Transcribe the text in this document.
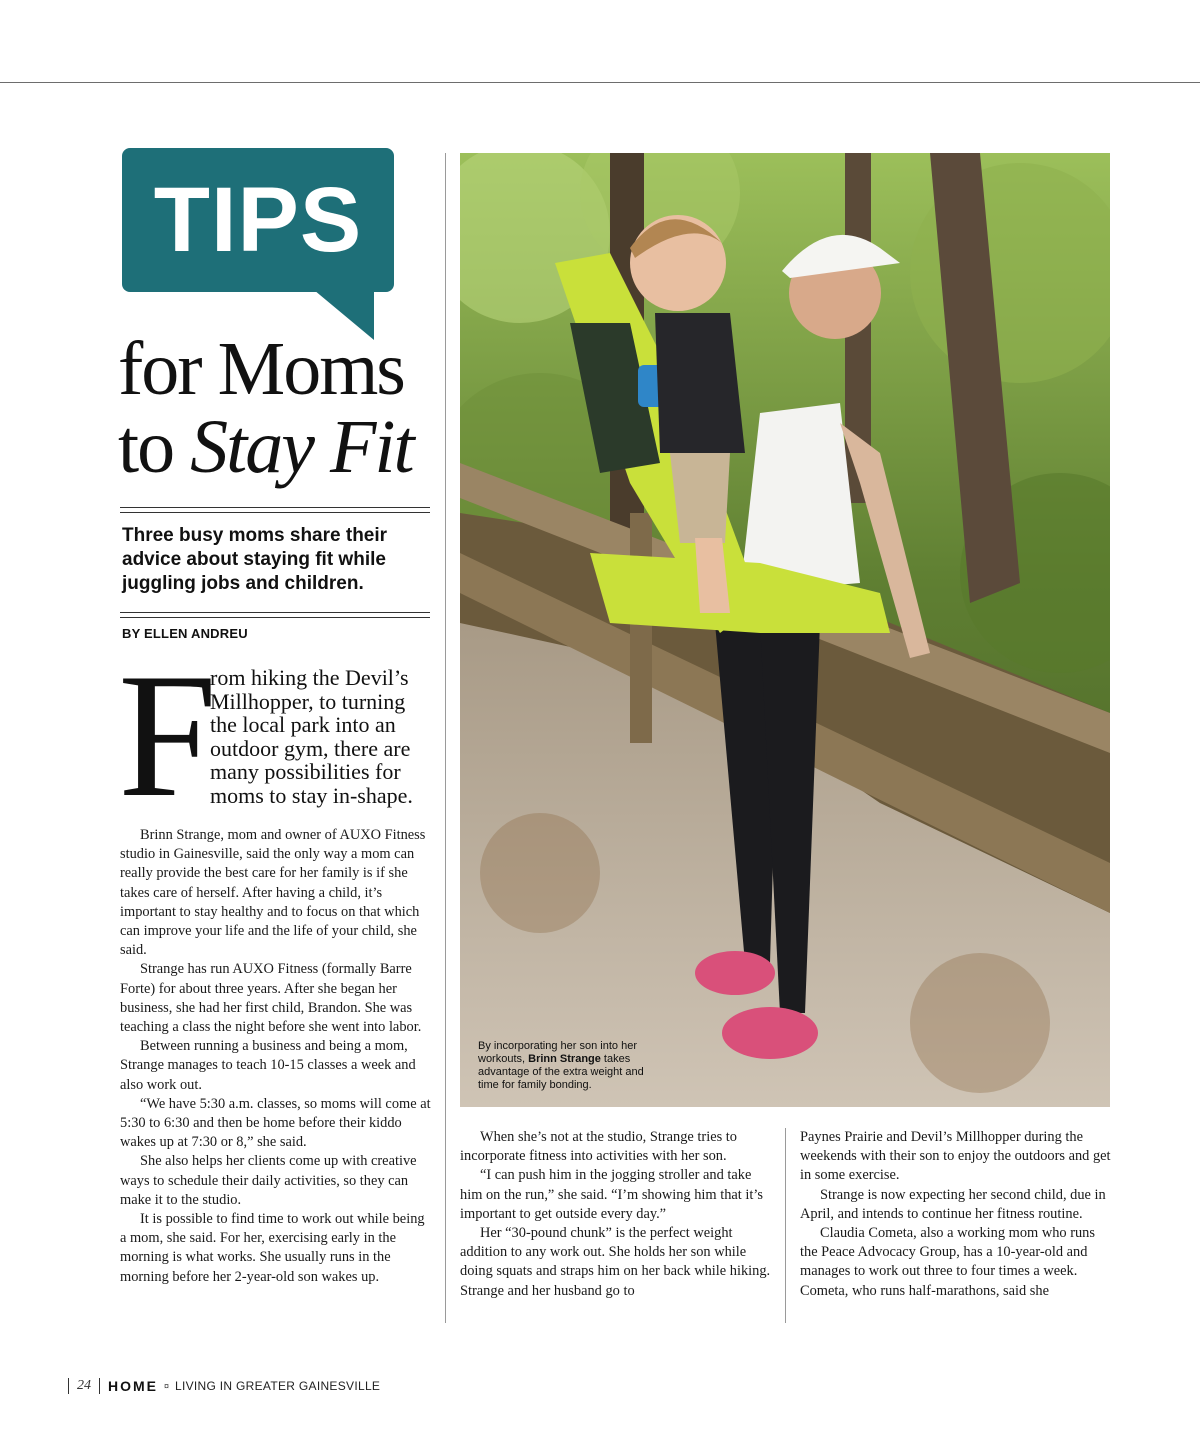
TIPS
for Moms
to Stay Fit
Three busy moms share their advice about staying fit while juggling jobs and children.
BY ELLEN ANDREU
F
rom hiking the Devil’s Millhopper, to turning the local park into an outdoor gym, there are many possibilities for moms to stay in-shape.

Brinn Strange, mom and owner of AUXO Fitness studio in Gainesville, said the only way a mom can really provide the best care for her family is if she takes care of herself. After having a child, it’s important to stay healthy and to focus on that which can improve your life and the life of your child, she said.

Strange has run AUXO Fitness (formally Barre Forte) for about three years. After she began her business, she had her first child, Brandon. She was teaching a class the night before she went into labor.

Between running a business and being a mom, Strange manages to teach 10-15 classes a week and also work out.

“We have 5:30 a.m. classes, so moms will come at 5:30 to 6:30 and then be home before their kiddo wakes up at 7:30 or 8,” she said.

She also helps her clients come up with creative ways to schedule their daily activities, so they can make it to the studio.

It is possible to find time to work out while being a mom, she said. For her, exercising early in the morning is what works. She usually runs in the morning before her 2-year-old son wakes up.

By incorporating her son into her workouts, Brinn Strange takes advantage of the extra weight and time for family bonding.

When she’s not at the studio, Strange tries to incorporate fitness into activities with her son.

“I can push him in the jogging stroller and take him on the run,” she said. “I’m showing him that it’s important to get outside every day.”

Her “30-pound chunk” is the perfect weight addition to any work out. She holds her son while doing squats and straps him on her back while hiking. Strange and her husband go to

Paynes Prairie and Devil’s Millhopper during the weekends with their son to enjoy the outdoors and get in some exercise.

Strange is now expecting her second child, due in April, and intends to continue her fitness routine.

Claudia Cometa, also a working mom who runs the Peace Advocacy Group, has a 10-year-old and manages to work out three to four times a week. Cometa, who runs half-marathons, said she

24 HOME ¤ LIVING IN GREATER GAINESVILLE
